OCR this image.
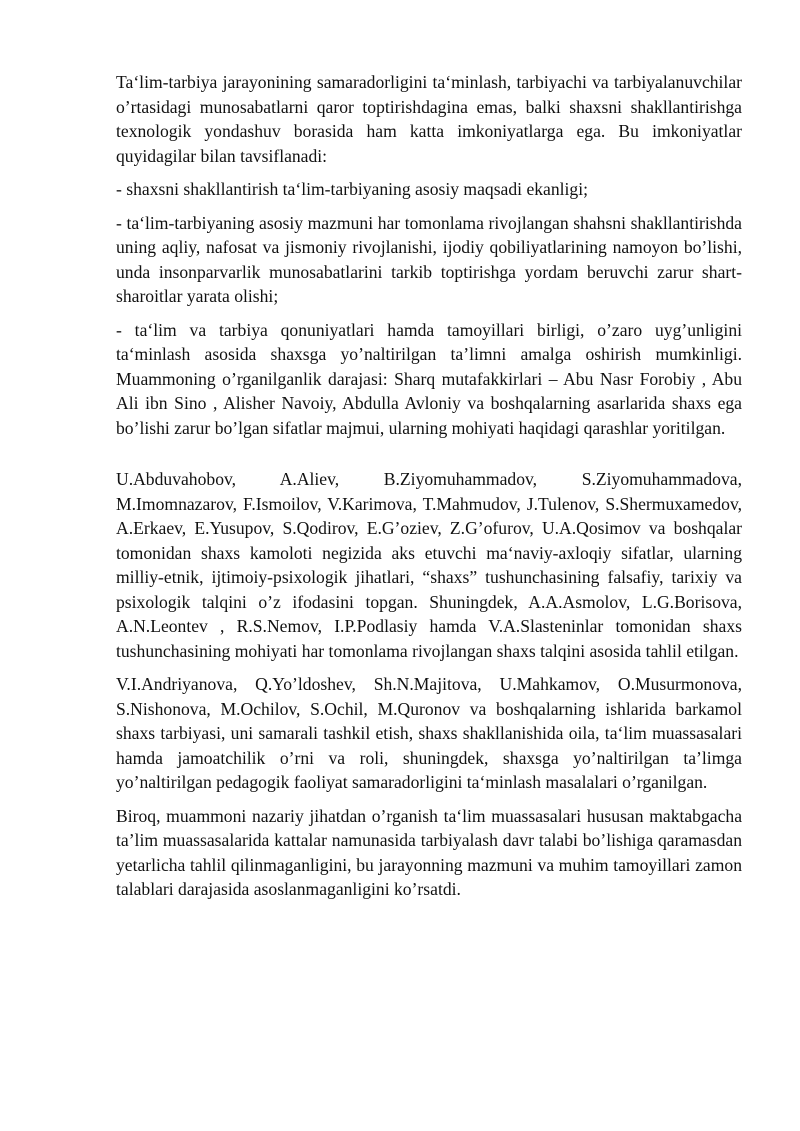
Ta‘lim-tarbiya jarayonining samaradorligini ta‘minlash, tarbiyachi va tarbiyalanuvchilar o’rtasidagi munosabatlarni qaror toptirishdagina emas, balki shaxsni shakllantirishga texnologik yondashuv borasida ham katta imkoniyatlarga ega. Bu imkoniyatlar quyidagilar bilan tavsiflanadi:

- shaxsni shakllantirish ta‘lim-tarbiyaning asosiy maqsadi ekanligi;

- ta‘lim-tarbiyaning asosiy mazmuni har tomonlama rivojlangan shahsni shakllantirishda uning aqliy, nafosat va jismoniy rivojlanishi, ijodiy qobiliyatlarining namoyon bo’lishi, unda insonparvarlik munosabatlarini tarkib toptirishga yordam beruvchi zarur shart-sharoitlar yarata olishi;

- ta‘lim va tarbiya qonuniyatlari hamda tamoyillari birligi, o’zaro uyg’unligini ta‘minlash asosida shaxsga yo’naltirilgan ta’limni amalga oshirish mumkinligi. Muammoning o’rganilganlik darajasi: Sharq mutafakkirlari – Abu Nasr Forobiy , Abu Ali ibn Sino , Alisher Navoiy, Abdulla Avloniy va boshqalarning asarlarida shaxs ega bo’lishi zarur bo’lgan sifatlar majmui, ularning mohiyati haqidagi qarashlar yoritilgan.

U.Abduvahobov, A.Aliev, B.Ziyomuhammadov, S.Ziyomuhammadova, M.Imomnazarov, F.Ismoilov, V.Karimova, T.Mahmudov, J.Tulenov, S.Shermuxamedov, A.Erkaev, E.Yusupov, S.Qodirov, E.G’oziev, Z.G’ofurov, U.A.Qosimov va boshqalar tomonidan shaxs kamoloti negizida aks etuvchi ma‘naviy-axloqiy sifatlar, ularning milliy-etnik, ijtimoiy-psixologik jihatlari, “shaxs” tushunchasining falsafiy, tarixiy va psixologik talqini o’z ifodasini topgan. Shuningdek, A.A.Asmolov, L.G.Borisova, A.N.Leontev , R.S.Nemov, I.P.Podlasiy hamda V.A.Slasteninlar tomonidan shaxs tushunchasining mohiyati har tomonlama rivojlangan shaxs talqini asosida tahlil etilgan.

V.I.Andriyanova, Q.Yo’ldoshev, Sh.N.Majitova, U.Mahkamov, O.Musurmonova, S.Nishonova, M.Ochilov, S.Ochil, M.Quronov va boshqalarning ishlarida barkamol shaxs tarbiyasi, uni samarali tashkil etish, shaxs shakllanishida oila, ta‘lim muassasalari hamda jamoatchilik o’rni va roli, shuningdek, shaxsga yo’naltirilgan ta’limga yo’naltirilgan pedagogik faoliyat samaradorligini ta‘minlash masalalari o’rganilgan.

Biroq, muammoni nazariy jihatdan o’rganish ta‘lim muassasalari hususan maktabgacha ta’lim muassasalarida kattalar namunasida tarbiyalash davr talabi bo’lishiga qaramasdan yetarlicha tahlil qilinmaganligini, bu jarayonning mazmuni va muhim tamoyillari zamon talablari darajasida asoslanmaganligini ko’rsatdi.
